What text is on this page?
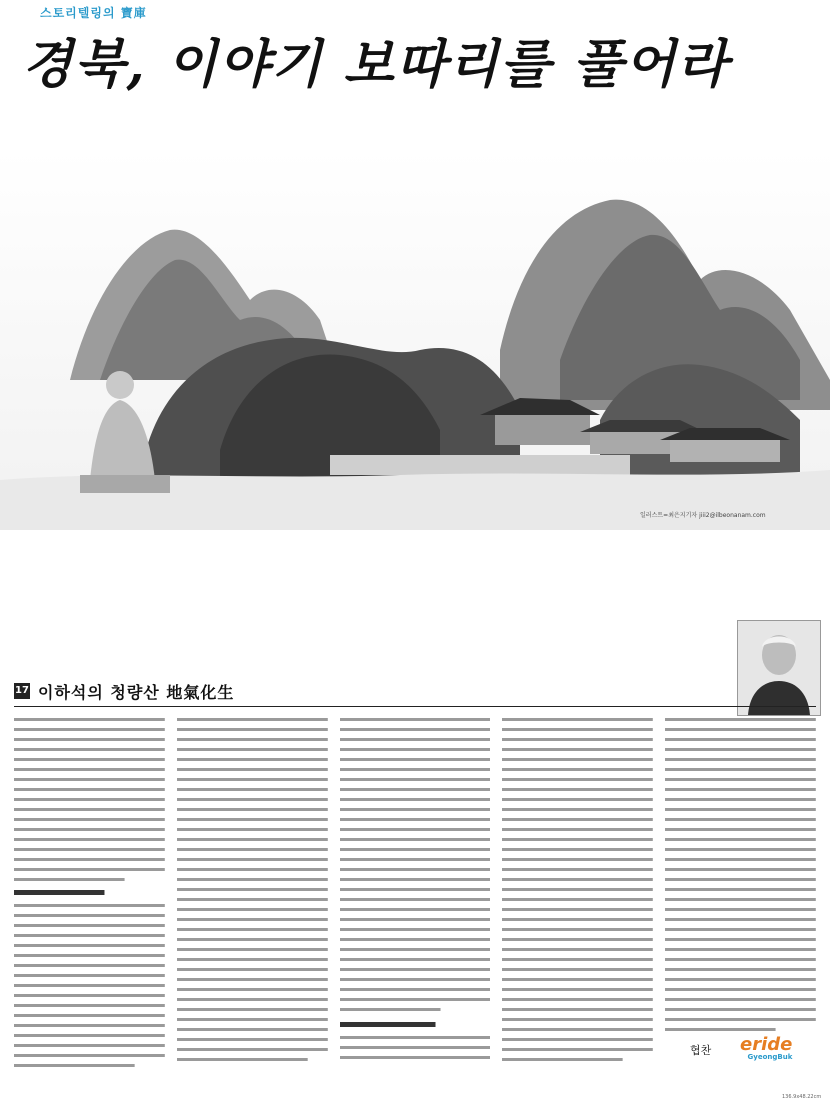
스토리텔링의 寶庫
경북, 이야기 보따리를 풀어라
일러스트=최은지기자 jiii2@ilbeonanam.com
17 이하석의 청량산 地氣化生
협찬 eride
GyeongBuk
136.9x48.22cm
